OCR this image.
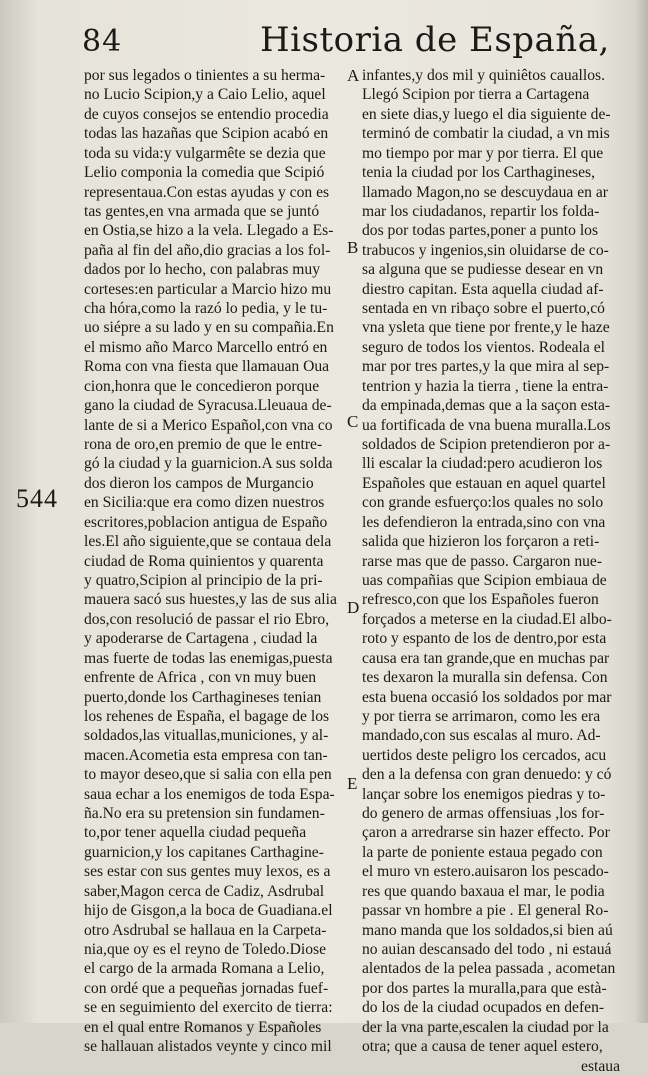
84	Historia de España,
544
por sus legados o tinientes a su herma-
no Lucio Scipion,y a Caio Lelio, aquel
de cuyos consejos se entendio procedia
todas las hazañas que Scipion acabó en
toda su vida:y vulgarmête se dezia que
Lelio componia la comedia que Scipió
representaua.Con estas ayudas y con es
tas gentes,en vna armada que se juntó
en Ostia,se hizo a la vela. Llegado a Es-
paña al fin del año,dio gracias a los fol-
dados por lo hecho, con palabras muy
corteses:en particular a Marcio hizo mu
cha hóra,como la razó lo pedia, y le tu-
uo siépre a su lado y en su compañia.En
el mismo año Marco Marcello entró en
Roma con vna fiesta que llamauan Oua
cion,honra que le concedieron porque
gano la ciudad de Syracusa.Lleuaua de-
lante de si a Merico Español,con vna co
rona de oro,en premio de que le entre-
gó la ciudad y la guarnicion.A sus solda
dos dieron los campos de Murgancio
en Sicilia:que era como dizen nuestros
escritores,poblacion antigua de Españo
les.El año siguiente,que se contaua dela
ciudad de Roma quinientos y quarenta
y quatro,Scipion al principio de la pri-
mauera sacó sus huestes,y las de sus alia
dos,con resolució de passar el rio Ebro,
y apoderarse de Cartagena , ciudad la
mas fuerte de todas las enemigas,puesta
enfrente de Africa , con vn muy buen
puerto,donde los Carthagineses tenian
los rehenes de España, el bagage de los
soldados,las vituallas,municiones, y al-
macen.Acometia esta empresa con tan-
to mayor deseo,que si salia con ella pen
saua echar a los enemigos de toda Espa-
ña.No era su pretension sin fundamen-
to,por tener aquella ciudad pequeña
guarnicion,y los capitanes Carthagine-
ses estar con sus gentes muy lexos, es a
saber,Magon cerca de Cadiz, Asdrubal
hijo de Gisgon,a la boca de Guadiana.el
otro Asdrubal se hallaua en la Carpeta-
nia,que oy es el reyno de Toledo.Diose
el cargo de la armada Romana a Lelio,
con ordé que a pequeñas jornadas fuef-
se en seguimiento del exercito de tierra:
en el qual entre Romanos y Españoles
se hallauan alistados veynte y cinco mil
infantes,y dos mil y quiniêtos cauallos.
Llegó Scipion por tierra a Cartagena
en siete dias,y luego el dia siguiente de-
terminó de combatir la ciudad, a vn mis
mo tiempo por mar y por tierra. El que
tenia la ciudad por los Carthagineses,
llamado Magon,no se descuydaua en ar
mar los ciudadanos, repartir los folda-
dos por todas partes,poner a punto los
trabucos y ingenios,sin oluidarse de co-
sa alguna que se pudiesse desear en vn
diestro capitan. Esta aquella ciudad af-
sentada en vn ribaço sobre el puerto,có
vna ysleta que tiene por frente,y le haze
seguro de todos los vientos. Rodeala el
mar por tres partes,y la que mira al sep-
tentrion y hazia la tierra , tiene la entra-
da empinada,demas que a la saçon esta-
ua fortificada de vna buena muralla.Los
soldados de Scipion pretendieron por a-
lli escalar la ciudad:pero acudieron los
Españoles que estauan en aquel quartel
con grande esfuerço:los quales no solo
les defendieron la entrada,sino con vna
salida que hizieron los forçaron a reti-
rarse mas que de passo. Cargaron nue-
uas compañias que Scipion embiaua de
refresco,con que los Españoles fueron
forçados a meterse en la ciudad.El albo-
roto y espanto de los de dentro,por esta
causa era tan grande,que en muchas par
tes dexaron la muralla sin defensa. Con
esta buena occasió los soldados por mar
y por tierra se arrimaron, como les era
mandado,con sus escalas al muro. Ad-
uertidos deste peligro los cercados, acu
den a la defensa con gran denuedo: y có
lançar sobre los enemigos piedras y to-
do genero de armas offensiuas ,los for-
çaron a arredrarse sin hazer effecto. Por
la parte de poniente estaua pegado con
el muro vn estero.auisaron los pescado-
res que quando baxaua el mar, le podia
passar vn hombre a pie . El general Ro-
mano manda que los soldados,si bien aú
no auian descansado del todo , ni estauá
alentados de la pelea passada , acometan
por dos partes la muralla,para que està-
do los de la ciudad ocupados en defen-
der la vna parte,escalen la ciudad por la
otra; que a causa de tener aquel estero,
estaua
A
B
C
D
E
